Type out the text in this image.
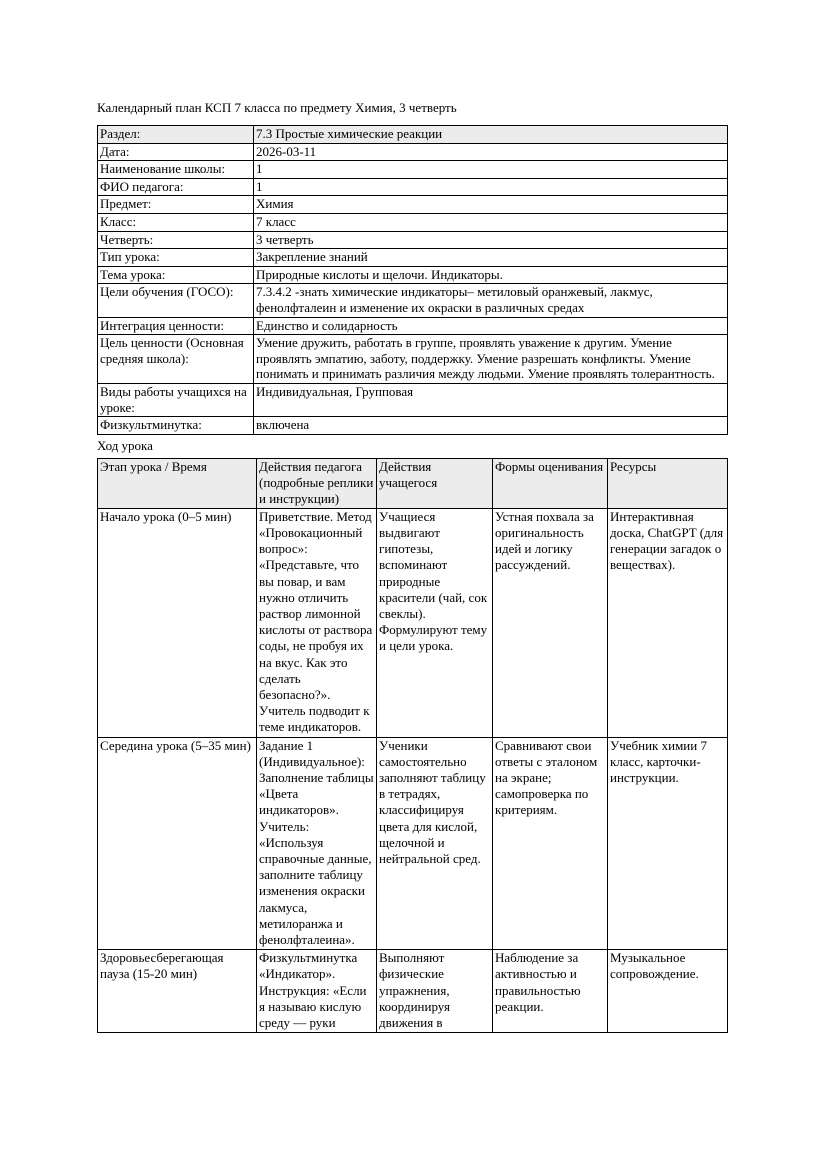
Календарный план КСП 7 класса по предмету Химия, 3 четверть

Раздел:	7.3 Простые химические реакции
Дата:	2026-03-11
Наименование школы:	1
ФИО педагога:	1
Предмет:	Химия
Класс:	7 класс
Четверть:	3 четверть
Тип урока:	Закрепление знаний
Тема урока:	Природные кислоты и щелочи. Индикаторы.
Цели обучения (ГОСО):	7.3.4.2 -знать химические индикаторы– метиловый оранжевый, лакмус, фенолфталеин и изменение их окраски в различных средах
Интеграция ценности:	Единство и солидарность
Цель ценности (Основная средняя школа):	Умение дружить, работать в группе, проявлять уважение к другим. Умение проявлять эмпатию, заботу, поддержку. Умение разрешать конфликты. Умение понимать и принимать различия между людьми. Умение проявлять толерантность.
Виды работы учащихся на уроке:	Индивидуальная, Групповая
Физкультминутка:	включена

Ход урока

Этап урока / Время	Действия педагога (подробные реплики и инструкции)	Действия учащегося	Формы оценивания	Ресурсы
Начало урока (0–5 мин)	Приветствие. Метод «Провокационный вопрос»: «Представьте, что вы повар, и вам нужно отличить раствор лимонной кислоты от раствора соды, не пробуя их на вкус. Как это сделать безопасно?». Учитель подводит к теме индикаторов.	Учащиеся выдвигают гипотезы, вспоминают природные красители (чай, сок свеклы). Формулируют тему и цели урока.	Устная похвала за оригинальность идей и логику рассуждений.	Интерактивная доска, ChatGPT (для генерации загадок о веществах).
Середина урока (5–35 мин)	Задание 1 (Индивидуальное): Заполнение таблицы «Цвета индикаторов». Учитель: «Используя справочные данные, заполните таблицу изменения окраски лакмуса, метилоранжа и фенолфталеина».	Ученики самостоятельно заполняют таблицу в тетрадях, классифицируя цвета для кислой, щелочной и нейтральной сред.	Сравнивают свои ответы с эталоном на экране; самопроверка по критериям.	Учебник химии 7 класс, карточки-инструкции.
Здоровьесберегающая пауза (15-20 мин)	Физкультминутка «Индикатор». Инструкция: «Если я называю кислую среду — руки	Выполняют физические упражнения, координируя движения в	Наблюдение за активностью и правильностью реакции.	Музыкальное сопровождение.
